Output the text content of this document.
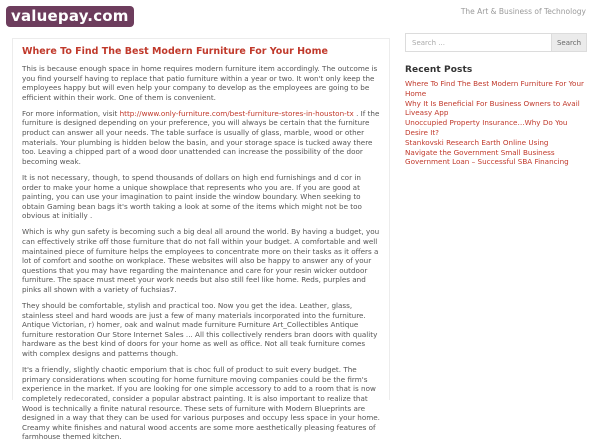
valuepay.com	The Art & Business of Technology
Where To Find The Best Modern Furniture For Your Home

This is because enough space in home requires modern furniture item accordingly. The outcome is you find yourself having to replace that patio furniture within a year or two. It won't only keep the employees happy but will even help your company to develop as the employees are going to be efficient within their work. One of them is convenient.

For more information, visit http://www.only-furniture.com/best-furniture-stores-in-houston-tx . If the furniture is designed depending on your preference, you will always be certain that the furniture product can answer all your needs. The table surface is usually of glass, marble, wood or other materials. Your plumbing is hidden below the basin, and your storage space is tucked away there too. Leaving a chipped part of a wood door unattended can increase the possibility of the door becoming weak.

It is not necessary, though, to spend thousands of dollars on high end furnishings and d cor in order to make your home a unique showplace that represents who you are. If you are good at painting, you can use your imagination to paint inside the window boundary. When seeking to obtain Gaming bean bags it's worth taking a look at some of the items which might not be too obvious at initially .

Which is why gun safety is becoming such a big deal all around the world. By having a budget, you can effectively strike off those furniture that do not fall within your budget. A comfortable and well maintained piece of furniture helps the employees to concentrate more on their tasks as it offers a lot of comfort and soothe on workplace. These websites will also be happy to answer any of your questions that you may have regarding the maintenance and care for your resin wicker outdoor furniture. The space must meet your work needs but also still feel like home. Reds, purples and pinks all shown with a variety of fuchsias7.

They should be comfortable, stylish and practical too. Now you get the idea. Leather, glass, stainless steel and hard woods are just a few of many materials incorporated into the furniture. Antique Victorian, r) homer, oak and walnut made furniture Furniture Art_Collectibles Antique furniture restoration Our Store Internet Sales ... All this collectively renders bran doors with quality hardware as the best kind of doors for your home as well as office. Not all teak furniture comes with complex designs and patterns though.

It's a friendly, slightly chaotic emporium that is choc full of product to suit every budget. The primary considerations when scouting for home furniture moving companies could be the firm's experience in the market. If you are looking for one simple accessory to add to a room that is now completely redecorated, consider a popular abstract painting. It is also important to realize that Wood is technically a finite natural resource. These sets of furniture with Modern Blueprints are designed in a way that they can be used for various purposes and occupy less space in your home. Creamy white finishes and natural wood accents are some more aesthetically pleasing features of farmhouse themed kitchen.

Search ...
Search
Recent Posts
Where To Find The Best Modern Furniture For Your Home
Why It Is Beneficial For Business Owners to Avail Liveasy App
Unoccupied Property Insurance…Why Do You Desire It?
Stankovski Research Earth Online Using
Navigate the Government Small Business Government Loan – Successful SBA Financing
